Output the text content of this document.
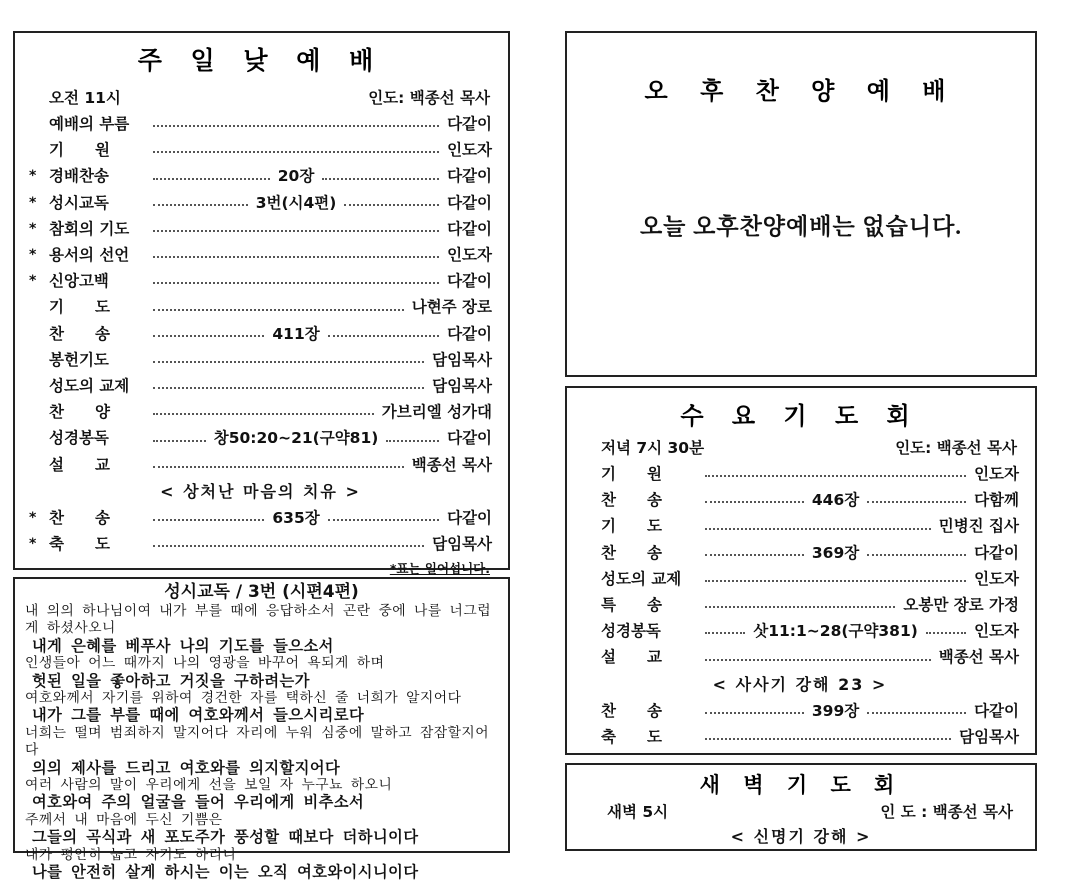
주 일 낮 예 배
오전 11시	인도: 백종선 목사
예배의 부름	다같이
기　　원	인도자
* 경배찬송	20장	다같이
* 성시교독	3번(시4편)	다같이
* 참회의 기도	다같이
* 용서의 선언	인도자
* 신앙고백	다같이
기　　도	나현주 장로
찬　　송	411장	다같이
봉헌기도	담임목사
성도의 교제	담임목사
찬　　양	가브리엘 성가대
성경봉독	창50:20~21(구약81)	다같이
설　　교	백종선 목사
< 상처난 마음의 치유 >
* 찬　　송	635장	다같이
* 축　　도	담임목사
*표는 일어섭니다.
성시교독 / 3번 (시편4편)
내 의의 하나님이여 내가 부를 때에 응답하소서 곤란 중에 나를 너그럽게 하셨사오니
내게 은혜를 베푸사 나의 기도를 들으소서
인생들아 어느 때까지 나의 영광을 바꾸어 욕되게 하며
헛된 일을 좋아하고 거짓을 구하려는가
여호와께서 자기를 위하여 경건한 자를 택하신 줄 너희가 알지어다
내가 그를 부를 때에 여호와께서 들으시리로다
너희는 떨며 범죄하지 말지어다 자리에 누워 심중에 말하고 잠잠할지어다
의의 제사를 드리고 여호와를 의지할지어다
여러 사람의 말이 우리에게 선을 보일 자 누구뇨 하오니
여호와여 주의 얼굴을 들어 우리에게 비추소서
주께서 내 마음에 두신 기쁨은
그들의 곡식과 새 포도주가 풍성할 때보다 더하니이다
내가 평안히 눕고 자기도 하리니
나를 안전히 살게 하시는 이는 오직 여호와이시니이다
오 후 찬 양 예 배
오늘 오후찬양예배는 없습니다.
수 요 기 도 회
저녁 7시 30분	인도: 백종선 목사
기　　원	인도자
찬　　송	446장	다함께
기　　도	민병진 집사
찬　　송	369장	다같이
성도의 교제	인도자
특　　송	오봉만 장로 가정
성경봉독	삿11:1~28(구약381)	인도자
설　　교	백종선 목사
< 사사기 강해 23 >
찬　　송	399장	다같이
축　　도	담임목사
새 벽 기 도 회
새벽 5시	인 도 : 백종선 목사
< 신명기 강해 >
